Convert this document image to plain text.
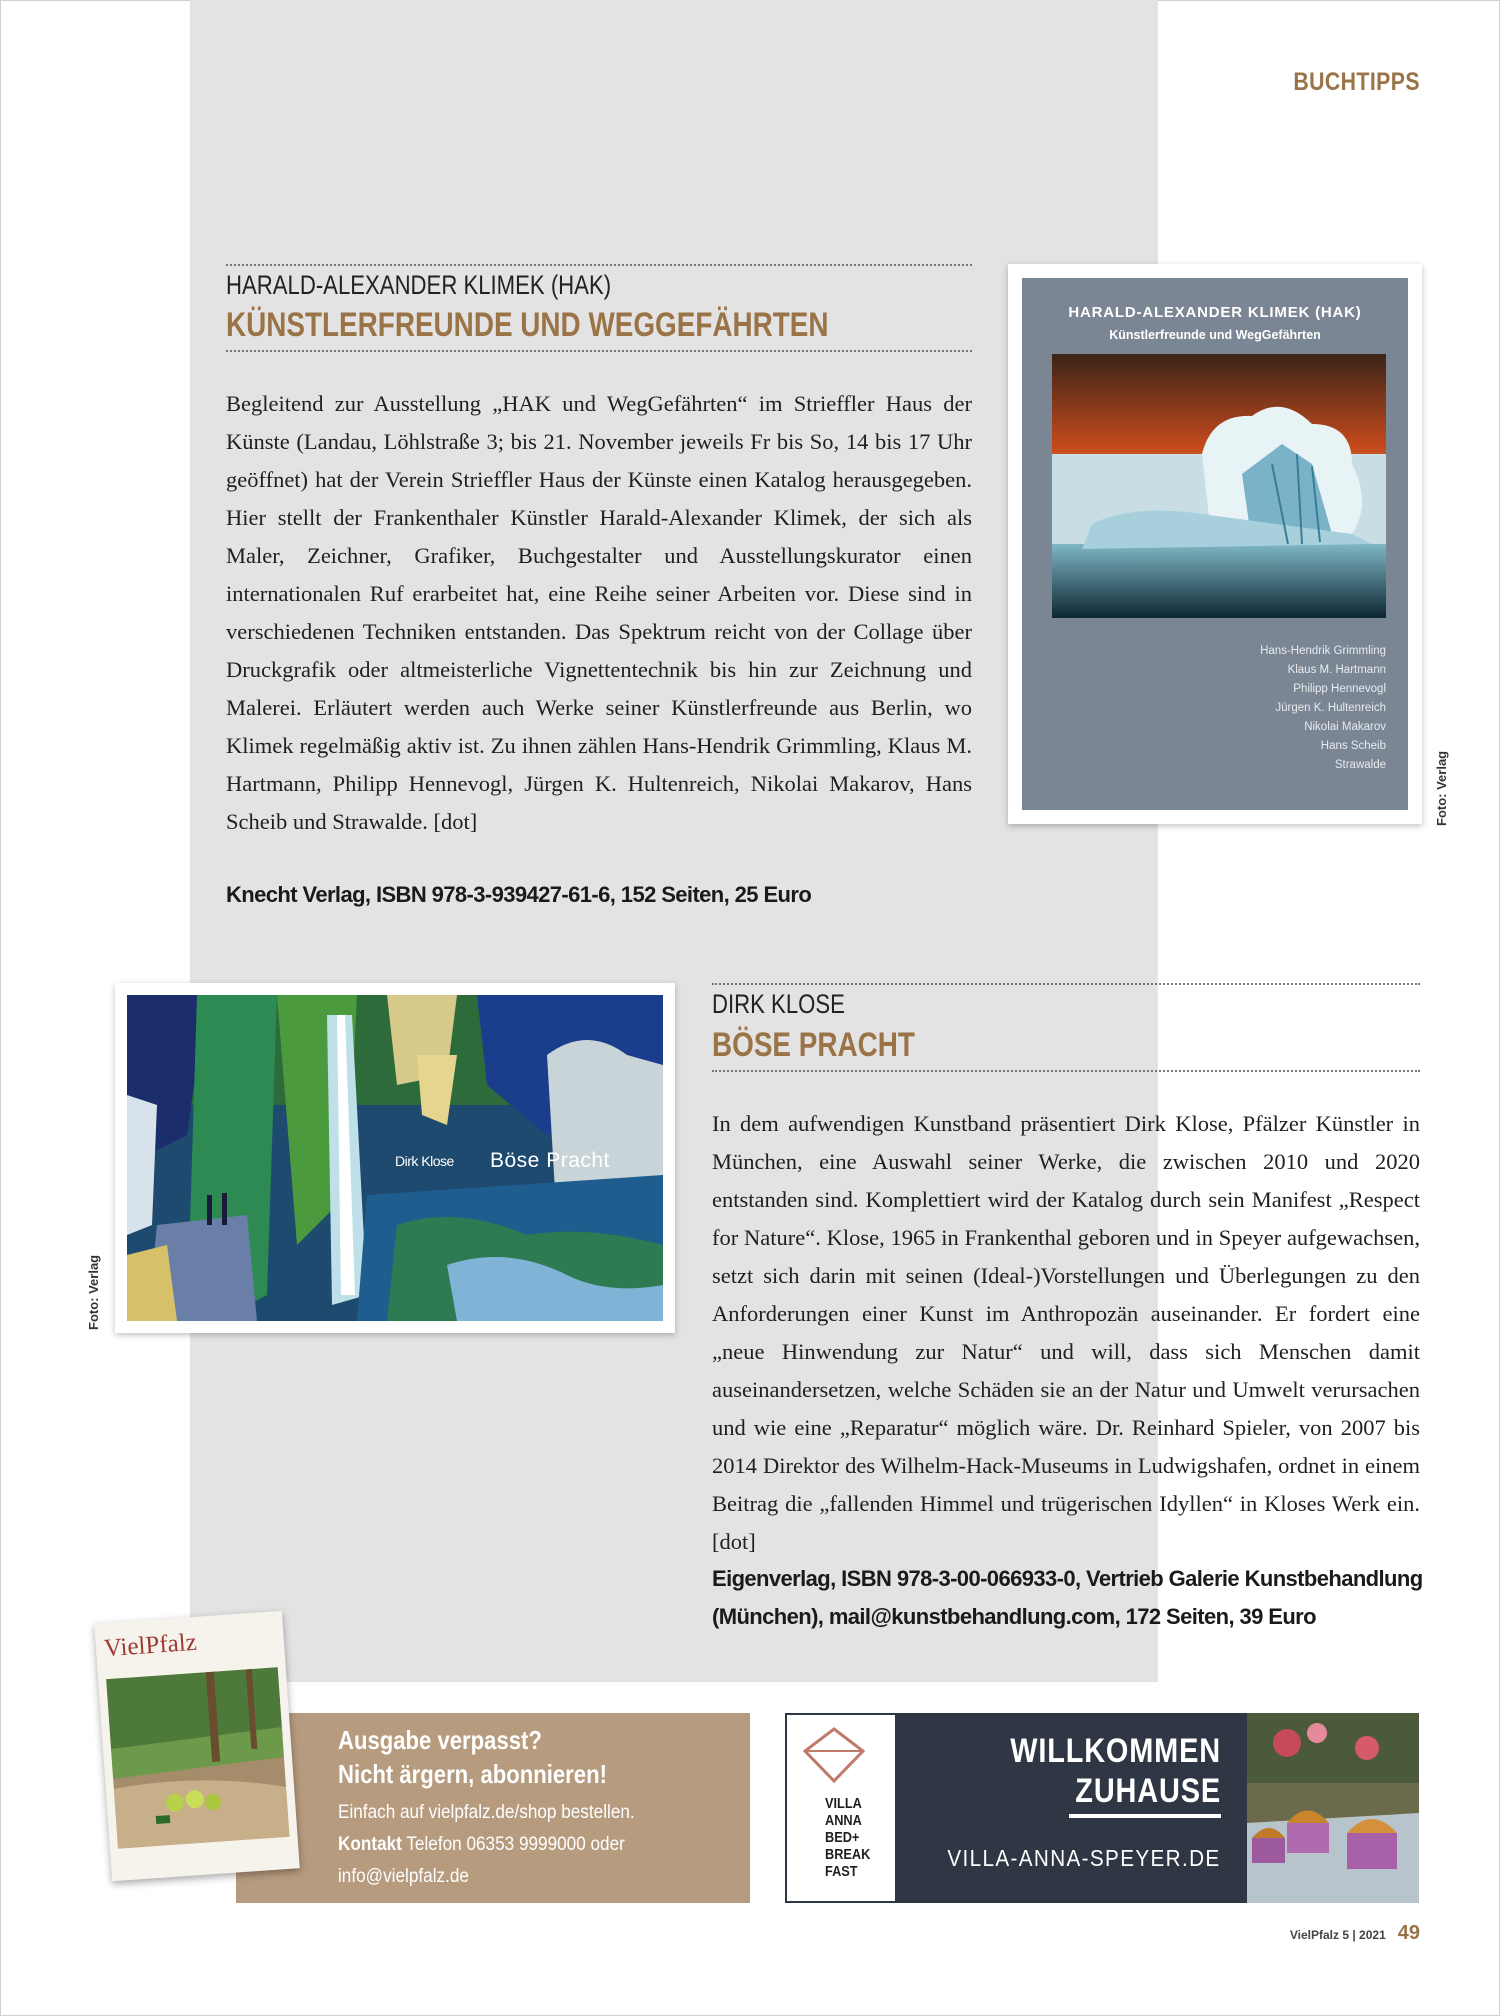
BUCHTIPPS
HARALD-ALEXANDER KLIMEK (HAK)
KÜNSTLERFREUNDE UND WEGGEFÄHRTEN
Begleitend zur Ausstellung „HAK und WegGefährten“ im Strieffler Haus der Künste (Landau, Löhlstraße 3; bis 21. November jeweils Fr bis So, 14 bis 17 Uhr geöffnet) hat der Verein Strieffler Haus der Künste einen Katalog herausgegeben. Hier stellt der Frankenthaler Künstler Harald-Alexander Klimek, der sich als Maler, Zeichner, Grafiker, Buchgestalter und Ausstellungskurator einen internationalen Ruf erarbeitet hat, eine Reihe seiner Arbeiten vor. Diese sind in verschiedenen Techniken entstanden. Das Spektrum reicht von der Collage über Druckgrafik oder altmeisterliche Vignettentechnik bis hin zur Zeichnung und Malerei. Erläutert werden auch Werke seiner Künstlerfreunde aus Berlin, wo Klimek regelmäßig aktiv ist. Zu ihnen zählen Hans-Hendrik Grimmling, Klaus M. Hartmann, Philipp Hennevogl, Jürgen K. Hultenreich, Nikolai Makarov, Hans Scheib und Strawalde. [dot]
Knecht Verlag, ISBN 978-3-939427-61-6, 152 Seiten, 25 Euro
HARALD-ALEXANDER KLIMEK (HAK)
Künstlerfreunde und WegGefährten
Hans-Hendrik Grimmling
Klaus M. Hartmann
Philipp Hennevogl
Jürgen K. Hultenreich
Nikolai Makarov
Hans Scheib
Strawalde	Foto: Verlag
DIRK KLOSE
BÖSE PRACHT
In dem aufwendigen Kunstband präsentiert Dirk Klose, Pfälzer Künstler in München, eine Auswahl seiner Werke, die zwischen 2010 und 2020 entstanden sind. Komplettiert wird der Katalog durch sein Manifest „Respect for Nature“. Klose, 1965 in Frankenthal geboren und in Speyer aufgewachsen, setzt sich darin mit seinen (Ideal-)Vorstellungen und Überlegungen zu den Anforderungen einer Kunst im Anthropozän auseinander. Er fordert eine „neue Hinwendung zur Natur“ und will, dass sich Menschen damit auseinandersetzen, welche Schäden sie an der Natur und Umwelt verursachen und wie eine „Reparatur“ möglich wäre. Dr. Reinhard Spieler, von 2007 bis 2014 Direktor des Wilhelm-Hack-Museums in Ludwigshafen, ordnet in einem Beitrag die „fallenden Himmel und trügerischen Idyllen“ in Kloses Werk ein. [dot]
Eigenverlag, ISBN 978-3-00-066933-0, Vertrieb Galerie Kunstbehandlung (München), mail@kunstbehandlung.com, 172 Seiten, 39 Euro
Dirk Klose Böse Pracht
Foto: Verlag
Ausgabe verpasst?
Nicht ärgern, abonnieren!
Einfach auf vielpfalz.de/shop bestellen.
Kontakt Telefon 06353 9999000 oder
info@vielpfalz.de
VielPfalz
VILLA
ANNA
BED+
BREAK
FAST
WILLKOMMEN
ZUHAUSE
VILLA-ANNA-SPEYER.DE
VielPfalz 5 | 2021 49
